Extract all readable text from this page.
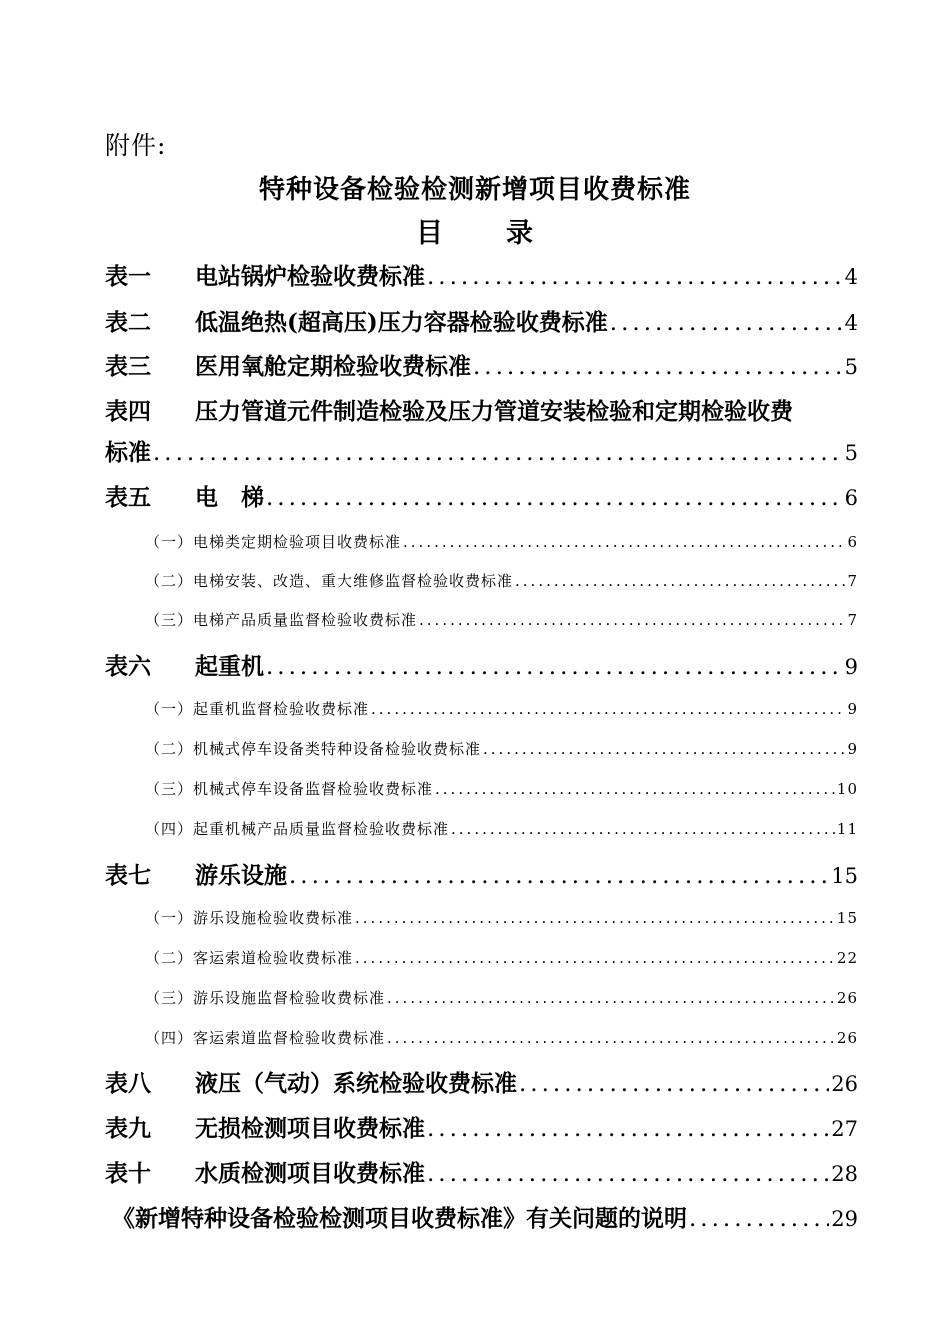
附件:
特种设备检验检测新增项目收费标准
目 录
表一	电站锅炉检验收费标准 .....	4
表二	低温绝热(超高压)压力容器检验收费标准 .....	4
表三	医用氧舱定期检验收费标准 .....	5
表四 压力管道元件制造检验及压力管道安装检验和定期检验收费
标准 .....	5
表五	电　梯 .....	6
（一）电梯类定期检验项目收费标准 .....	6
（二）电梯安装、改造、重大维修监督检验收费标准 .....	7
（三）电梯产品质量监督检验收费标准 .....	7
表六	起重机 .....	9
（一）起重机监督检验收费标准 .....	9
（二）机械式停车设备类特种设备检验收费标准 .....	9
（三）机械式停车设备监督检验收费标准 .....	10
（四）起重机械产品质量监督检验收费标准 .....	11
表七	游乐设施 .....	15
（一）游乐设施检验收费标准 .....	15
（二）客运索道检验收费标准 .....	22
（三）游乐设施监督检验收费标准 .....	26
（四）客运索道监督检验收费标准 .....	26
表八	液压（气动）系统检验收费标准 .....	26
表九	无损检测项目收费标准 .....	27
表十	水质检测项目收费标准 .....	28
《新增特种设备检验检测项目收费标准》有关问题的说明 .....	29
